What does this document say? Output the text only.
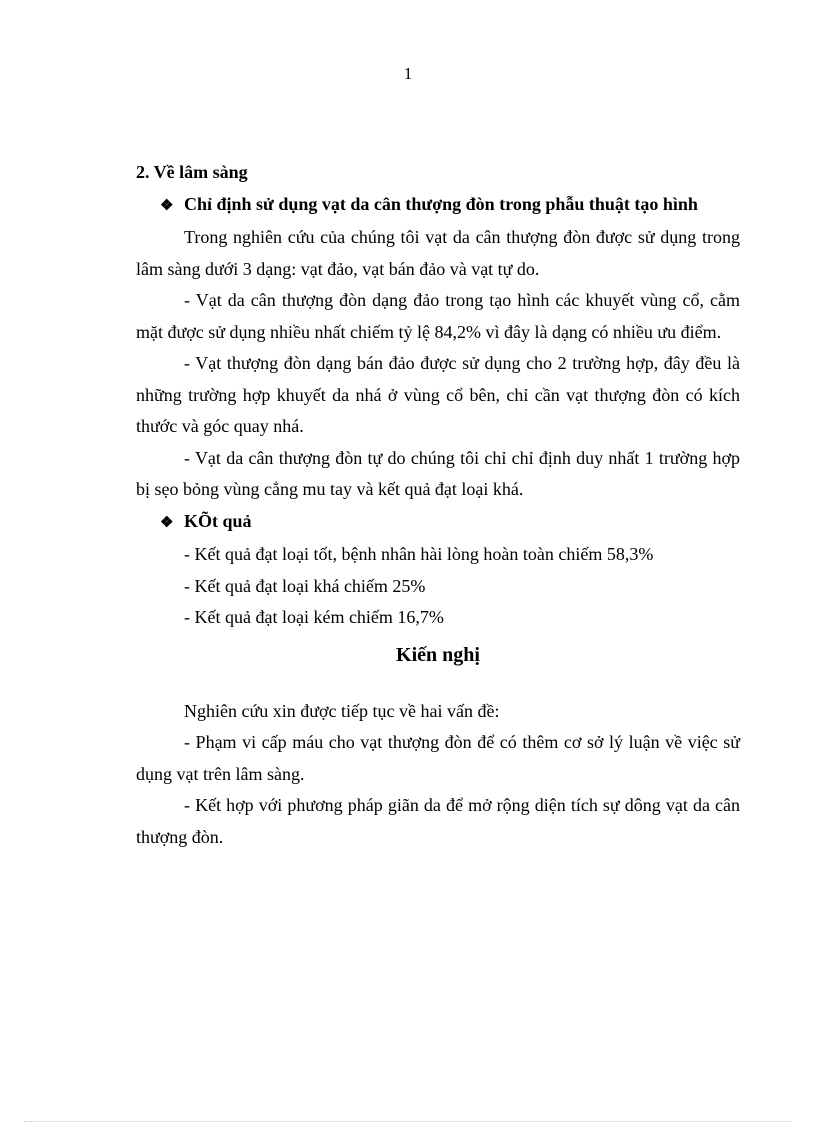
1

2. Về lâm sàng

❖ Chỉ định sử dụng vạt da cân thượng đòn trong phẫu thuật tạo hình

Trong nghiên cứu của chúng tôi vạt da cân thượng đòn được sử dụng trong lâm sàng dưới 3 dạng: vạt đảo, vạt bán đảo và vạt tự do.

- Vạt da cân thượng đòn dạng đảo trong tạo hình các khuyết vùng cổ, cằm mặt được sử dụng nhiều nhất chiếm tỷ lệ 84,2% vì đây là dạng có nhiều ưu điểm.

- Vạt thượng đòn dạng bán đảo được sử dụng cho 2 trường hợp, đây đều là những trường hợp khuyết da nhá ở vùng cổ bên, chỉ cần vạt thượng đòn có kích thước và góc quay nhá.

- Vạt da cân thượng đòn tự do chúng tôi chỉ chỉ định duy nhất 1 trường hợp bị sẹo bỏng vùng cẳng mu tay và kết quả đạt loại khá.

❖ KÕt quả

- Kết quả đạt loại tốt, bệnh nhân hài lòng hoàn toàn chiếm 58,3%

- Kết quả đạt loại khá chiếm 25%

- Kết quả đạt loại kém chiếm 16,7%

Kiến nghị

Nghiên cứu xin được tiếp tục về hai vấn đề:

- Phạm vi cấp máu cho vạt thượng đòn để có thêm cơ sở lý luận về việc sử dụng vạt trên lâm sàng.

- Kết hợp với phương pháp giãn da để mở rộng diện tích sự dông vạt da cân thượng đòn.
